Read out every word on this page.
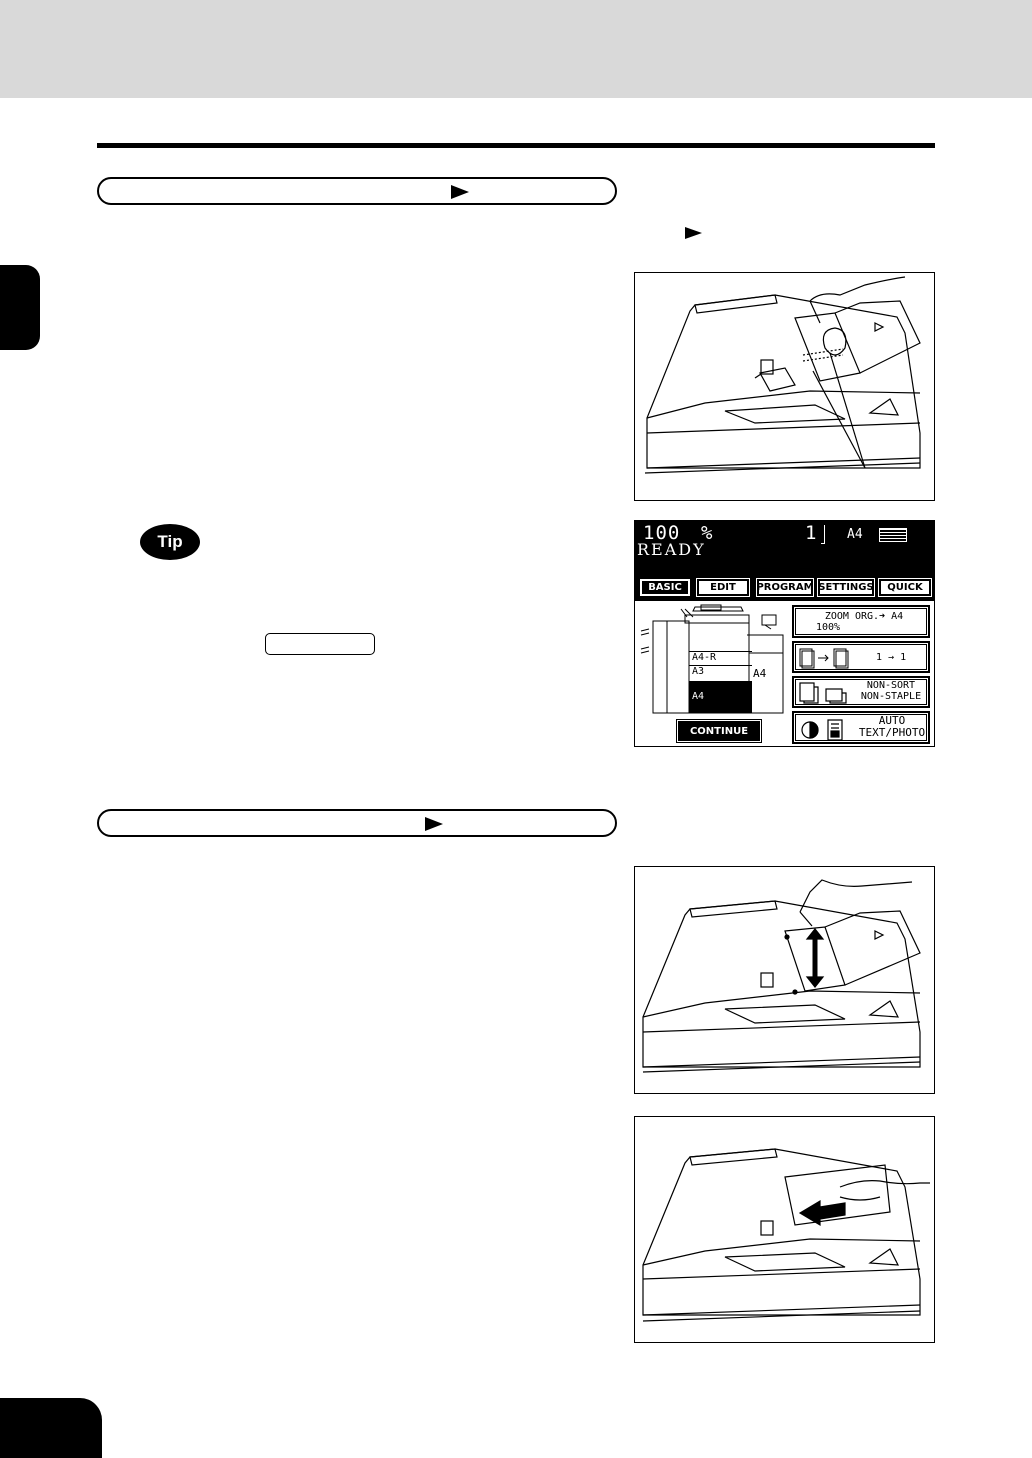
Tip	100 %	1 A4
READY
BASIC	EDIT	PROGRAM SETTINGS	QUICK
A4-R
A3
A4
A4
CONTINUE
ZOOM ORG.➜ A4
100%
1 → 1
NON-SORT
NON-STAPLE
AUTO
TEXT/PHOTO
